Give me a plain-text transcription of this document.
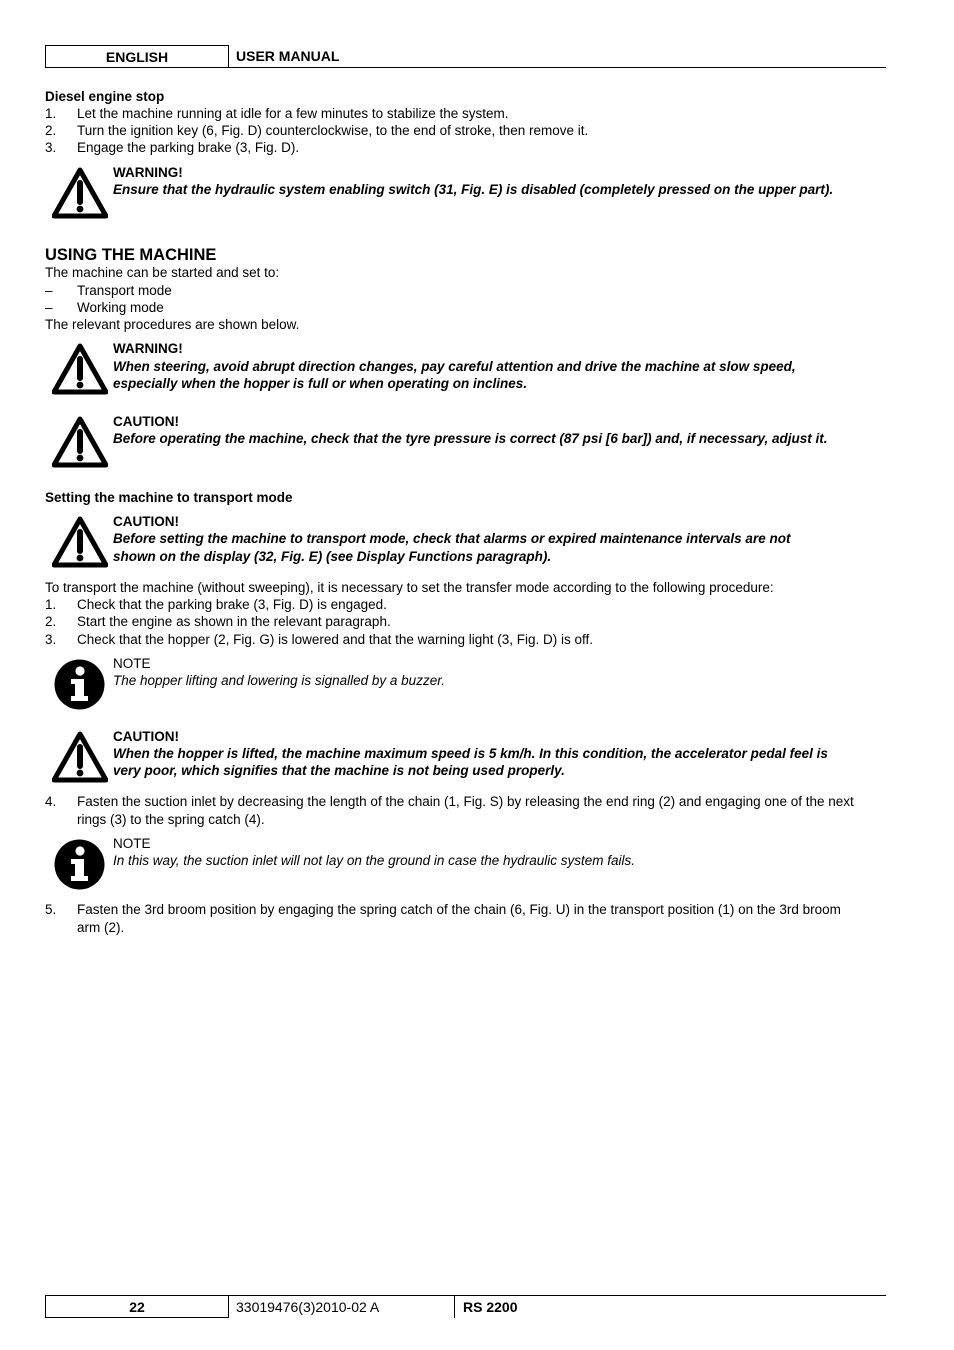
ENGLISH	USER MANUAL
Diesel engine stop
1. Let the machine running at idle for a few minutes to stabilize the system.
2. Turn the ignition key (6, Fig. D) counterclockwise, to the end of stroke, then remove it.
3. Engage the parking brake (3, Fig. D).
WARNING!
Ensure that the hydraulic system enabling switch (31, Fig. E) is disabled (completely pressed on the upper part).
USING THE MACHINE
The machine can be started and set to:
– Transport mode
– Working mode
The relevant procedures are shown below.
WARNING!
When steering, avoid abrupt direction changes, pay careful attention and drive the machine at slow speed,
especially when the hopper is full or when operating on inclines.
CAUTION!
Before operating the machine, check that the tyre pressure is correct (87 psi [6 bar]) and, if necessary, adjust it.
Setting the machine to transport mode
CAUTION!
Before setting the machine to transport mode, check that alarms or expired maintenance intervals are not
shown on the display (32, Fig. E) (see Display Functions paragraph).
To transport the machine (without sweeping), it is necessary to set the transfer mode according to the following procedure:
1. Check that the parking brake (3, Fig. D) is engaged.
2. Start the engine as shown in the relevant paragraph.
3. Check that the hopper (2, Fig. G) is lowered and that the warning light (3, Fig. D) is off.
NOTE
The hopper lifting and lowering is signalled by a buzzer.
CAUTION!
When the hopper is lifted, the machine maximum speed is 5 km/h. In this condition, the accelerator pedal feel is
very poor, which signifies that the machine is not being used properly.
4. Fasten the suction inlet by decreasing the length of the chain (1, Fig. S) by releasing the end ring (2) and engaging one of the next rings (3) to the spring catch (4).
NOTE
In this way, the suction inlet will not lay on the ground in case the hydraulic system fails.
5. Fasten the 3rd broom position by engaging the spring catch of the chain (6, Fig. U) in the transport position (1) on the 3rd broom arm (2).
22	33019476(3)2010-02 A	RS 2200
